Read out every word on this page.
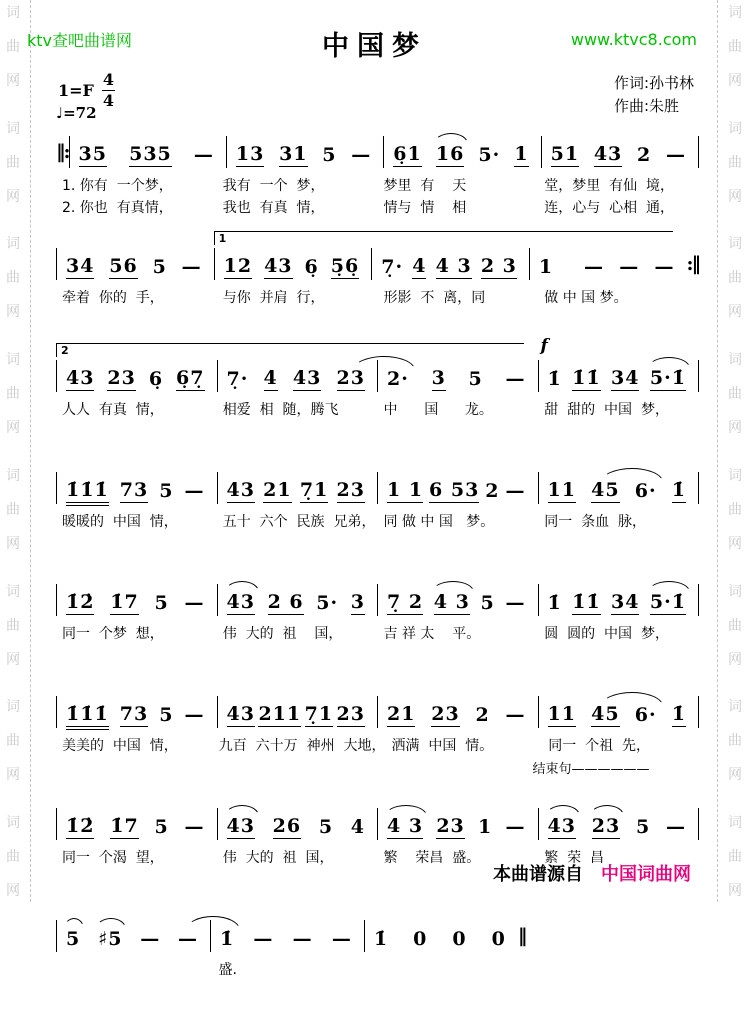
词
曲
网
词
曲
网
词
曲
网
词
曲
网
词
曲
网
词
曲
网
词
曲
网
词
曲
网
词
曲
网
词
曲
网
词
曲
网
词
曲
网
词
曲
网
词
曲
网
词
曲
网
词
曲
网
ktv查吧曲谱网	中国梦	www.ktvc8.com
$1=F \frac{4}{4}$
♩=72
作词:孙书林
作曲:朱胜
‖: 35 535 — 13 31 5 — 6̣1 16 5· 1 51 43 2 —
1. 你有  一个梦，	我有  一个  梦，	梦里  有    天	堂，梦里  有仙  境，
2. 你也  有真情，	我也  有真  情，	情与  情    相	连，心与  心相  通，
34 56 5 —
1
12 43 6̣ 5̣6̣ 7̣· 4 4 3 2 3 1 —  —  — :‖
牵着  你的  手，	与你  并肩  行，	形影  不  离，同	做 中 国 梦。
2
43 23 6̣ 6̣7̣ 7̣· 4 43 23 2· 3 5 —
f
1̇ 1̇1̇ 34 5·1̇
人人  有真  情，	相爱  相  随，腾飞	中      国      龙。	甜  甜的  中国  梦，
1̇1̇1̇ 73 5 — 43 21 7̣1 23 1 1 6 53 2 — 11 45 6· 1̇
暖暖的  中国  情，	五十  六个  民族  兄弟， 同 做 中 国   梦。	同一  条血  脉，
1̇2̇ 1̇7 5 — 43 2 6 5· 3 7̣ 2 4 3 5 — 1̇ 1̇1̇ 34 5·1̇
同一  个梦  想，	伟  大的  祖    国，	吉 祥 太    平。	圆  圆的  中国  梦，
1̇1̇1̇ 73 5 — 43 211 7̣1 23 21 23 2 — 11 45 6· 1̇
结束句——————
美美的  中国  情，	九百  六十万  神州  大地， 洒满  中国  情。	同一  个祖  先，
1̇2̇ 1̇7 5 — 43 26 5 4 4 3 23 1 — 43 23 5 —
同一  个渴  望，	伟  大的  祖  国，	繁    荣昌  盛。	繁  荣  昌
5 ♯5 — — 1̇ — — — 1̇ 0 0 0 ‖
盛.
本曲谱源自 中国词曲网
